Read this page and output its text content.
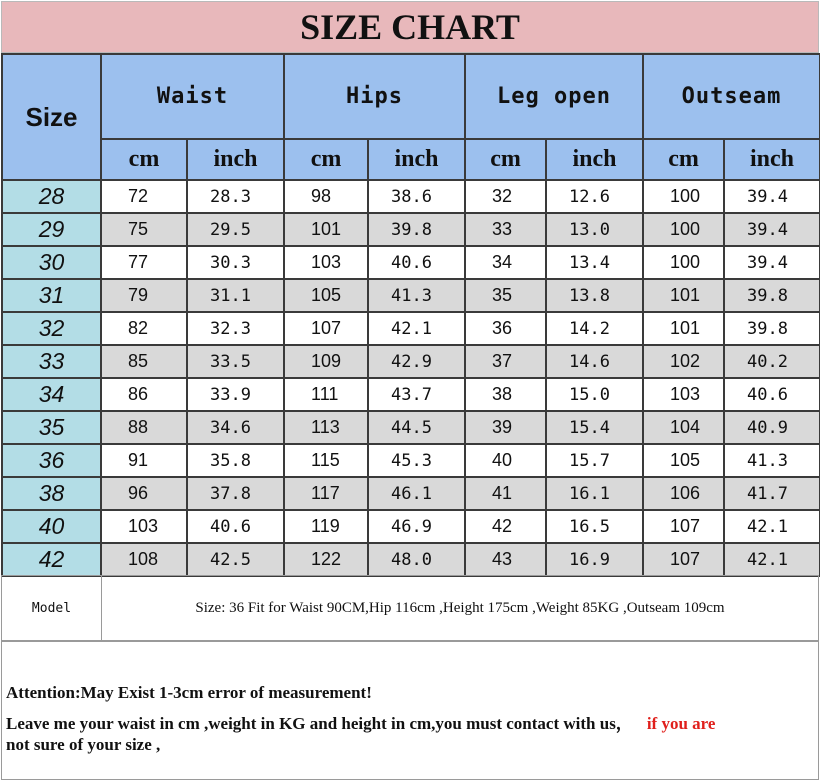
SIZE CHART
Size	Waist		Hips		Leg open		Outseam	
	cm	inch	cm	inch	cm	inch	cm	inch
28	72	28.3	98	38.6	32	12.6	100	39.4
29	75	29.5	101	39.8	33	13.0	100	39.4
30	77	30.3	103	40.6	34	13.4	100	39.4
31	79	31.1	105	41.3	35	13.8	101	39.8
32	82	32.3	107	42.1	36	14.2	101	39.8
33	85	33.5	109	42.9	37	14.6	102	40.2
34	86	33.9	111	43.7	38	15.0	103	40.6
35	88	34.6	113	44.5	39	15.4	104	40.9
36	91	35.8	115	45.3	40	15.7	105	41.3
38	96	37.8	117	46.1	41	16.1	106	41.7
40	103	40.6	119	46.9	42	16.5	107	42.1
42	108	42.5	122	48.0	43	16.9	107	42.1
Model	Size: 36 Fit for Waist 90CM,Hip 116cm ,Height 175cm ,Weight 85KG ,Outseam 109cm

Attention:May Exist 1-3cm error of measurement!

Leave me your waist in cm ,weight in KG and height in cm,you must contact with us， if you are

not sure of your size ,
